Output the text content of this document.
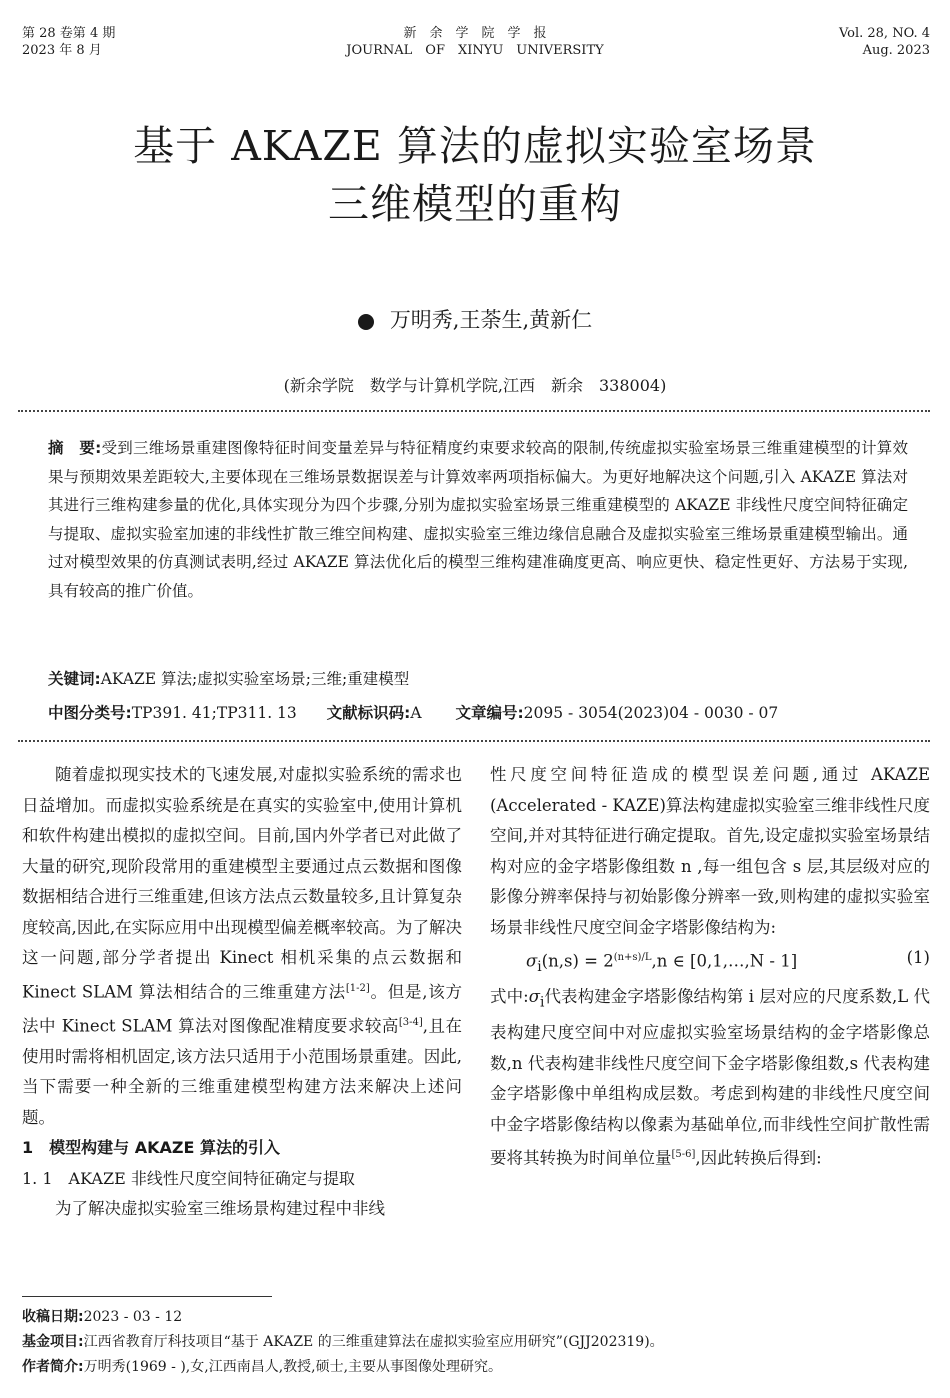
第 28 卷第 4 期
2023 年 8 月
新　余　学　院　学　报
JOURNAL　OF　XINYU　UNIVERSITY
Vol. 28, NO. 4
Aug. 2023
基于 AKAZE 算法的虚拟实验室场景
三维模型的重构
万明秀,王荼生,黄新仁
(新余学院　数学与计算机学院,江西　新余　338004)
摘　要:受到三维场景重建图像特征时间变量差异与特征精度约束要求较高的限制,传统虚拟实验室场景三维重建模型的计算效果与预期效果差距较大,主要体现在三维场景数据误差与计算效率两项指标偏大。为更好地解决这个问题,引入 AKAZE 算法对其进行三维构建参量的优化,具体实现分为四个步骤,分别为虚拟实验室场景三维重建模型的 AKAZE 非线性尺度空间特征确定与提取、虚拟实验室加速的非线性扩散三维空间构建、虚拟实验室三维边缘信息融合及虚拟实验室三维场景重建模型输出。通过对模型效果的仿真测试表明,经过 AKAZE 算法优化后的模型三维构建准确度更高、响应更快、稳定性更好、方法易于实现,具有较高的推广价值。
关键词:AKAZE 算法;虚拟实验室场景;三维;重建模型
中图分类号:TP391. 41;TP311. 13 文献标识码:A 文章编号:2095 - 3054(2023)04 - 0030 - 07

随着虚拟现实技术的飞速发展,对虚拟实验系统的需求也日益增加。而虚拟实验系统是在真实的实验室中,使用计算机和软件构建出模拟的虚拟空间。目前,国内外学者已对此做了大量的研究,现阶段常用的重建模型主要通过点云数据和图像数据相结合进行三维重建,但该方法点云数量较多,且计算复杂度较高,因此,在实际应用中出现模型偏差概率较高。为了解决这一问题,部分学者提出 Kinect 相机采集的点云数据和 Kinect SLAM 算法相结合的三维重建方法[1-2]。但是,该方法中 Kinect SLAM 算法对图像配准精度要求较高[3-4],且在使用时需将相机固定,该方法只适用于小范围场景重建。因此,当下需要一种全新的三维重建模型构建方法来解决上述问题。

1　模型构建与 AKAZE 算法的引入

1. 1　AKAZE 非线性尺度空间特征确定与提取

为了解决虚拟实验室三维场景构建过程中非线

性尺度空间特征造成的模型误差问题,通过 AKAZE (Accelerated - KAZE)算法构建虚拟实验室三维非线性尺度空间,并对其特征进行确定提取。首先,设定虚拟实验室场景结构对应的金字塔影像组数 n ,每一组包含 s 层,其层级对应的影像分辨率保持与初始影像分辨率一致,则构建的虚拟实验室场景非线性尺度空间金字塔影像结构为:

$\sigma_i(n,s) = 2^{(n+s)/L},n$ ∈ [0,1,…,N - 1]	(1)

式中$:\sigma_i$代表构建金字塔影像结构第 i 层对应的尺度系数,L 代表构建尺度空间中对应虚拟实验室场景结构的金字塔影像总数,n 代表构建非线性尺度空间下金字塔影像组数,s 代表构建金字塔影像中单组构成层数。考虑到构建的非线性尺度空间中金字塔影像结构以像素为基础单位,而非线性空间扩散性需要将其转换为时间单位量[5-6],因此转换后得到:

收稿日期:2023 - 03 - 12
基金项目:江西省教育厅科技项目“基于 AKAZE 的三维重建算法在虚拟实验室应用研究”(GJJ202319)。
作者简介:万明秀(1969 - ),女,江西南昌人,教授,硕士,主要从事图像处理研究。
